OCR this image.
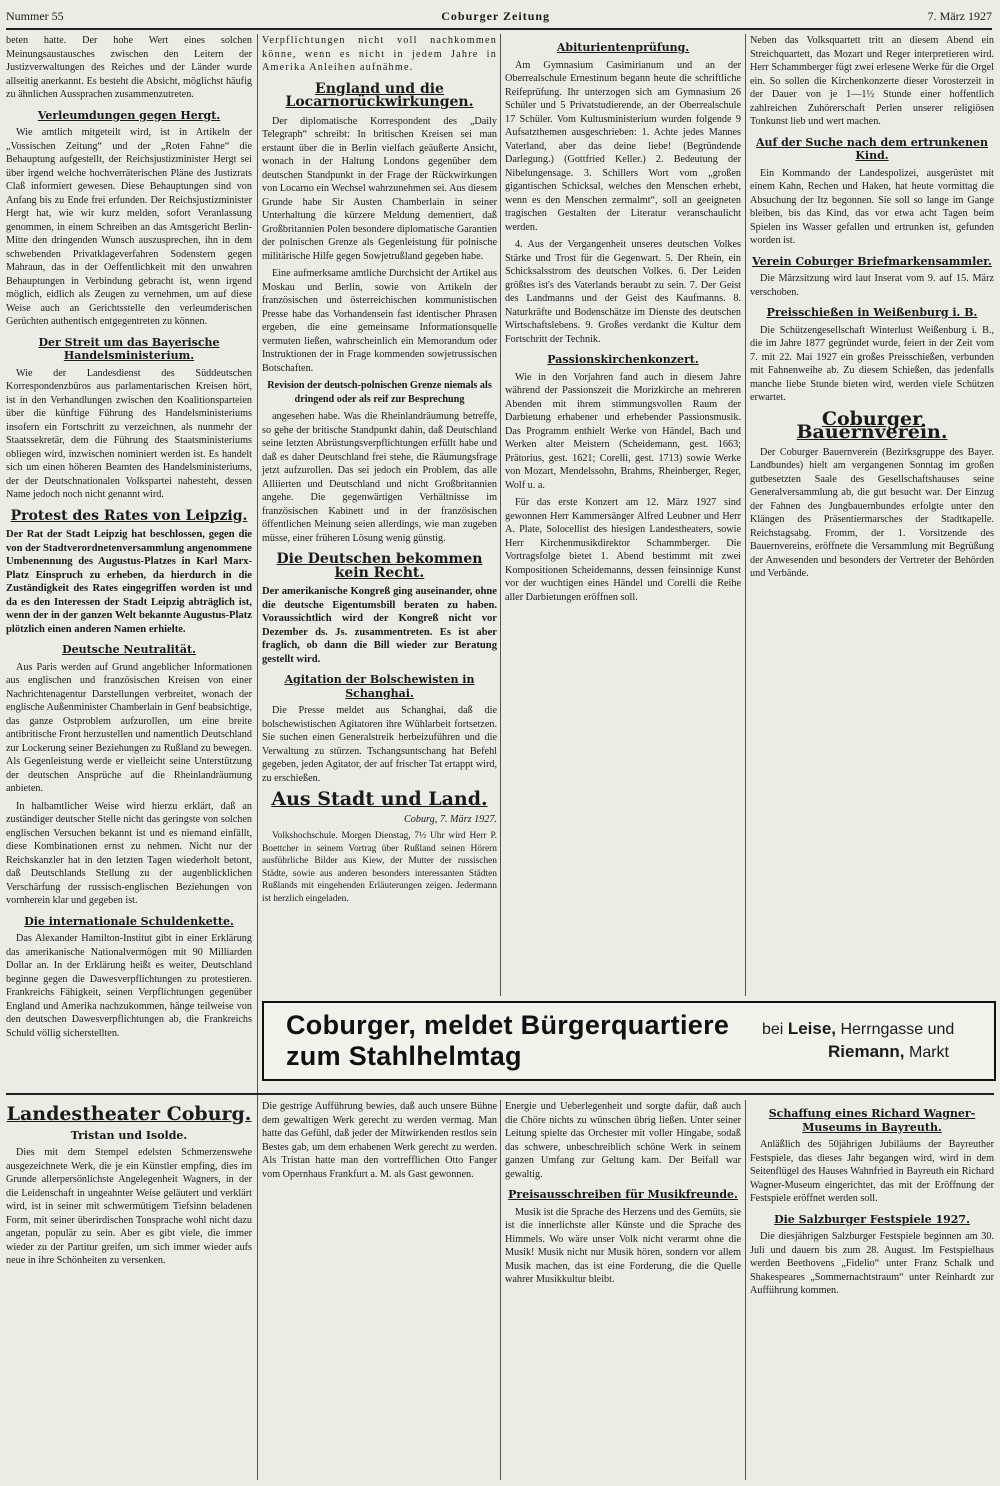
Nummer 55	Coburger Zeitung	7. März 1927

beten hatte. Der hohe Wert eines solchen Meinungsaustausches zwischen den Leitern der Justizverwaltungen des Reiches und der Länder wurde allseitig anerkannt. Es besteht die Absicht, möglichst häufig zu ähnlichen Aussprachen zusammenzutreten.

Verleumdungen gegen Hergt.

Wie amtlich mitgeteilt wird, ist in Artikeln der „Vossischen Zeitung“ und der „Roten Fahne“ die Behauptung aufgestellt, der Reichsjustizminister Hergt sei über irgend welche hochverräterischen Pläne des Justizrats Claß informiert gewesen. Diese Behauptungen sind von Anfang bis zu Ende frei erfunden. Der Reichsjustizminister Hergt hat, wie wir kurz melden, sofort Veranlassung genommen, in einem Schreiben an das Amtsgericht Berlin-Mitte den dringenden Wunsch auszusprechen, ihn in dem schwebenden Privatklageverfahren Sodenstern gegen Mahraun, das in der Oeffentlichkeit mit den unwahren Behauptungen in Verbindung gebracht ist, wenn irgend möglich, eidlich als Zeugen zu vernehmen, um auf diese Weise auch an Gerichtsstelle den verleumderischen Gerüchten authentisch entgegentreten zu können.

Der Streit um das Bayerische Handelsministerium.

Wie der Landesdienst des Süddeutschen Korrespondenzbüros aus parlamentarischen Kreisen hört, ist in den Verhandlungen zwischen den Koalitionsparteien über die künftige Führung des Handelsministeriums insofern ein Fortschritt zu verzeichnen, als nunmehr der Staatssekretär, dem die Führung des Staatsministeriums obliegen wird, inzwischen nominiert werden ist. Es handelt sich um einen höheren Beamten des Handelsministeriums, der der Deutschnationalen Volkspartei nahesteht, dessen Name jedoch noch nicht genannt wird.

Protest des Rates von Leipzig.

Der Rat der Stadt Leipzig hat beschlossen, gegen die von der Stadtverordnetenversammlung angenommene Umbenennung des Augustus-Platzes in Karl Marx-Platz Einspruch zu erheben, da hierdurch in die Zuständigkeit des Rates eingegriffen worden ist und da es den Interessen der Stadt Leipzig abträglich ist, wenn der in der ganzen Welt bekannte Augustus-Platz plötzlich einen anderen Namen erhielte.

Deutsche Neutralität.

Aus Paris werden auf Grund angeblicher Informationen aus englischen und französischen Kreisen von einer Nachrichtenagentur Darstellungen verbreitet, wonach der englische Außenminister Chamberlain in Genf beabsichtige, das ganze Ostproblem aufzurollen, um eine breite antibritische Front herzustellen und namentlich Deutschland zur Lockerung seiner Beziehungen zu Rußland zu bewegen. Als Gegenleistung werde er vielleicht seine Unterstützung der deutschen Ansprüche auf die Rheinlandräumung anbieten.

In halbamtlicher Weise wird hierzu erklärt, daß an zuständiger deutscher Stelle nicht das geringste von solchen englischen Versuchen bekannt ist und es niemand einfällt, diese Kombinationen ernst zu nehmen. Nicht nur der Reichskanzler hat in den letzten Tagen wiederholt betont, daß Deutschlands Stellung zu der augenblicklichen Verschärfung der russisch-englischen Beziehungen von vornherein klar und gegeben ist.

Die internationale Schuldenkette.

Das Alexander Hamilton-Institut gibt in einer Erklärung das amerikanische Nationalvermögen mit 90 Milliarden Dollar an. In der Erklärung heißt es weiter, Deutschland beginne gegen die Dawesverpflichtungen zu protestieren. Frankreichs Fähigkeit, seinen Verpflichtungen gegenüber England und Amerika nachzukommen, hänge teilweise von den deutschen Dawesverpflichtungen ab, die Frankreichs Schuld völlig sicherstellten.

Verpflichtungen nicht voll nachkommen könne, wenn es nicht in jedem Jahre in Amerika Anleihen aufnähme.

England und die Locarnorückwirkungen.

Der diplomatische Korrespondent des „Daily Telegraph“ schreibt: In britischen Kreisen sei man erstaunt über die in Berlin vielfach geäußerte Ansicht, wonach in der Haltung Londons gegenüber dem deutschen Standpunkt in der Frage der Rückwirkungen von Locarno ein Wechsel wahrzunehmen sei. Aus diesem Grunde habe Sir Austen Chamberlain in seiner Unterhaltung die kürzere Meldung dementiert, daß Großbritannien Polen besondere diplomatische Garantien der polnischen Grenze als Gegenleistung für polnische militärische Hilfe gegen Sowjetrußland gegeben habe.

Eine aufmerksame amtliche Durchsicht der Artikel aus Moskau und Berlin, sowie von Artikeln der französischen und österreichischen kommunistischen Presse habe das Vorhandensein fast identischer Phrasen ergeben, die eine gemeinsame Informationsquelle vermuten ließen, wahrscheinlich ein Memorandum oder Instruktionen der in Frage kommenden sowjetrussischen Botschaften.

Revision der deutsch-polnischen Grenze niemals als dringend oder als reif zur Besprechung

angesehen habe. Was die Rheinlandräumung betreffe, so gehe der britische Standpunkt dahin, daß Deutschland seine letzten Abrüstungsverpflichtungen erfüllt habe und daß es daher Deutschland frei stehe, die Räumungsfrage jetzt aufzurollen. Das sei jedoch ein Problem, das alle Alliierten und Deutschland und nicht Großbritannien angehe. Die gegenwärtigen Verhältnisse im französischen Kabinett und in der französischen öffentlichen Meinung seien allerdings, wie man zugeben müsse, einer früheren Lösung wenig günstig.

Die Deutschen bekommen kein Recht.

Der amerikanische Kongreß ging auseinander, ohne die deutsche Eigentumsbill beraten zu haben. Voraussichtlich wird der Kongreß nicht vor Dezember ds. Js. zusammentreten. Es ist aber fraglich, ob dann die Bill wieder zur Beratung gestellt wird.

Agitation der Bolschewisten in Schanghai.

Die Presse meldet aus Schanghai, daß die bolschewistischen Agitatoren ihre Wühlarbeit fortsetzen. Sie suchen einen Generalstreik herbeizuführen und die Verwaltung zu stürzen. Tschangsuntschang hat Befehl gegeben, jeden Agitator, der auf frischer Tat ertappt wird, zu erschießen.

Aus Stadt und Land.

Coburg, 7. März 1927.

Volkshochschule. Morgen Dienstag, 7½ Uhr wird Herr P. Boettcher in seinem Vortrag über Rußland seinen Hörern ausführliche Bilder aus Kiew, der Mutter der russischen Städte, sowie aus anderen besonders interessanten Städten Rußlands mit eingehenden Erläuterungen zeigen. Jedermann ist herzlich eingeladen.

Abiturientenprüfung.

Am Gymnasium Casimirianum und an der Oberrealschule Ernestinum begann heute die schriftliche Reifeprüfung. Ihr unterzogen sich am Gymnasium 26 Schüler und 5 Privatstudierende, an der Oberrealschule 17 Schüler. Vom Kultusministerium wurden folgende 9 Aufsatzthemen ausgeschrieben: 1. Achte jedes Mannes Vaterland, aber das deine liebe! (Begründende Darlegung.) (Gottfried Keller.) 2. Bedeutung der Nibelungensage. 3. Schillers Wort vom „großen gigantischen Schicksal, welches den Menschen erhebt, wenn es den Menschen zermalmt“, soll an geeigneten tragischen Gestalten der Literatur veranschaulicht werden.

4. Aus der Vergangenheit unseres deutschen Volkes Stärke und Trost für die Gegenwart. 5. Der Rhein, ein Schicksalsstrom des deutschen Volkes. 6. Der Leiden größtes ist's des Vaterlands beraubt zu sein. 7. Der Geist des Landmanns und der Geist des Kaufmanns. 8. Naturkräfte und Bodenschätze im Dienste des deutschen Wirtschaftslebens. 9. Großes verdankt die Kultur dem Fortschritt der Technik.

Passionskirchenkonzert.

Wie in den Vorjahren fand auch in diesem Jahre während der Passionszeit die Morizkirche an mehreren Abenden mit ihrem stimmungsvollen Raum der Darbietung erhabener und erhebender Passionsmusik. Das Programm enthielt Werke von Händel, Bach und Werken alter Meistern (Scheidemann, gest. 1663; Prätorius, gest. 1621; Corelli, gest. 1713) sowie Werke von Mozart, Mendelssohn, Brahms, Rheinberger, Reger, Wolf u. a.

Für das erste Konzert am 12. März 1927 sind gewonnen Herr Kammersänger Alfred Leubner und Herr A. Plate, Solocellist des hiesigen Landestheaters, sowie Herr Kirchenmusikdirektor Schammberger. Die Vortragsfolge bietet 1. Abend bestimmt mit zwei Kompositionen Scheidemanns, dessen feinsinnige Kunst vor der wuchtigen eines Händel und Corelli die Reihe aller Darbietungen eröffnen soll.

Neben das Volksquartett tritt an diesem Abend ein Streichquartett, das Mozart und Reger interpretieren wird. Herr Schammberger fügt zwei erlesene Werke für die Orgel ein. So sollen die Kirchenkonzerte dieser Vorosterzeit in der Dauer von je 1—1½ Stunde einer hoffentlich zahlreichen Zuhörerschaft Perlen unserer religiösen Tonkunst lieb und wert machen.

Auf der Suche nach dem ertrunkenen Kind.

Ein Kommando der Landespolizei, ausgerüstet mit einem Kahn, Rechen und Haken, hat heute vormittag die Absuchung der Itz begonnen. Sie soll so lange im Gange bleiben, bis das Kind, das vor etwa acht Tagen beim Spielen ins Wasser gefallen und ertrunken ist, gefunden worden ist.

Verein Coburger Briefmarkensammler.

Die Märzsitzung wird laut Inserat vom 9. auf 15. März verschoben.

Preisschießen in Weißenburg i. B.

Die Schützengesellschaft Winterlust Weißenburg i. B., die im Jahre 1877 gegründet wurde, feiert in der Zeit vom 7. mit 22. Mai 1927 ein großes Preisschießen, verbunden mit Fahnenweihe ab. Zu diesem Schießen, das jedenfalls manche liebe Stunde bieten wird, werden viele Schützen erwartet.

Coburger Bauernverein.

Der Coburger Bauernverein (Bezirksgruppe des Bayer. Landbundes) hielt am vergangenen Sonntag im großen gutbesetzten Saale des Gesellschaftshauses seine Generalversammlung ab, die gut besucht war. Der Einzug der Fahnen des Jungbauernbundes erfolgte unter den Klängen des Präsentiermarsches der Stadtkapelle. Reichstagsabg. Fromm, der 1. Vorsitzende des Bauernvereins, eröffnete die Versammlung mit Begrüßung der Anwesenden und besonders der Vertreter der Behörden und Verbände.

Coburger, meldet Bürgerquartiere
zum Stahlhelmtag
bei Leise, Herrngasse und
Riemann, Markt
Landestheater Coburg.
Tristan und Isolde.

Dies mit dem Stempel edelsten Schmerzenswehe ausgezeichnete Werk, die je ein Künstler empfing, dies im Grunde allerpersönlichste Angelegenheit Wagners, in der die Leidenschaft in ungeahnter Weise geläutert und verklärt wird, ist in seiner mit schwermütigem Tiefsinn beladenen Form, mit seiner überirdischen Tonsprache wohl nicht dazu angetan, populär zu sein. Aber es gibt viele, die immer wieder zu der Partitur greifen, um sich immer wieder aufs neue in ihre Schönheiten zu versenken.

Die gestrige Aufführung bewies, daß auch unsere Bühne dem gewaltigen Werk gerecht zu werden vermag. Man hatte das Gefühl, daß jeder der Mitwirkenden restlos sein Bestes gab, um dem erhabenen Werk gerecht zu werden. Als Tristan hatte man den vortrefflichen Otto Fanger vom Opernhaus Frankfurt a. M. als Gast gewonnen.

Energie und Ueberlegenheit und sorgte dafür, daß auch die Chöre nichts zu wünschen übrig ließen. Unter seiner Leitung spielte das Orchester mit voller Hingabe, sodaß das schwere, unbeschreiblich schöne Werk in seinem ganzen Umfang zur Geltung kam. Der Beifall war gewaltig.

Preisausschreiben für Musikfreunde.

Musik ist die Sprache des Herzens und des Gemüts, sie ist die innerlichste aller Künste und die Sprache des Himmels. Wo wäre unser Volk nicht verarmt ohne die Musik! Musik nicht nur Musik hören, sondern vor allem Musik machen, das ist eine Forderung, die die Quelle wahrer Musikkultur bleibt.

Schaffung eines Richard Wagner-Museums in Bayreuth.

Anläßlich des 50jährigen Jubiläums der Bayreuther Festspiele, das dieses Jahr begangen wird, wird in dem Seitenflügel des Hauses Wahnfried in Bayreuth ein Richard Wagner-Museum eingerichtet, das mit der Eröffnung der Festspiele eröffnet werden soll.

Die Salzburger Festspiele 1927.

Die diesjährigen Salzburger Festspiele beginnen am 30. Juli und dauern bis zum 28. August. Im Festspielhaus werden Beethovens „Fidelio“ unter Franz Schalk und Shakespeares „Sommernachtstraum“ unter Reinhardt zur Aufführung kommen.
